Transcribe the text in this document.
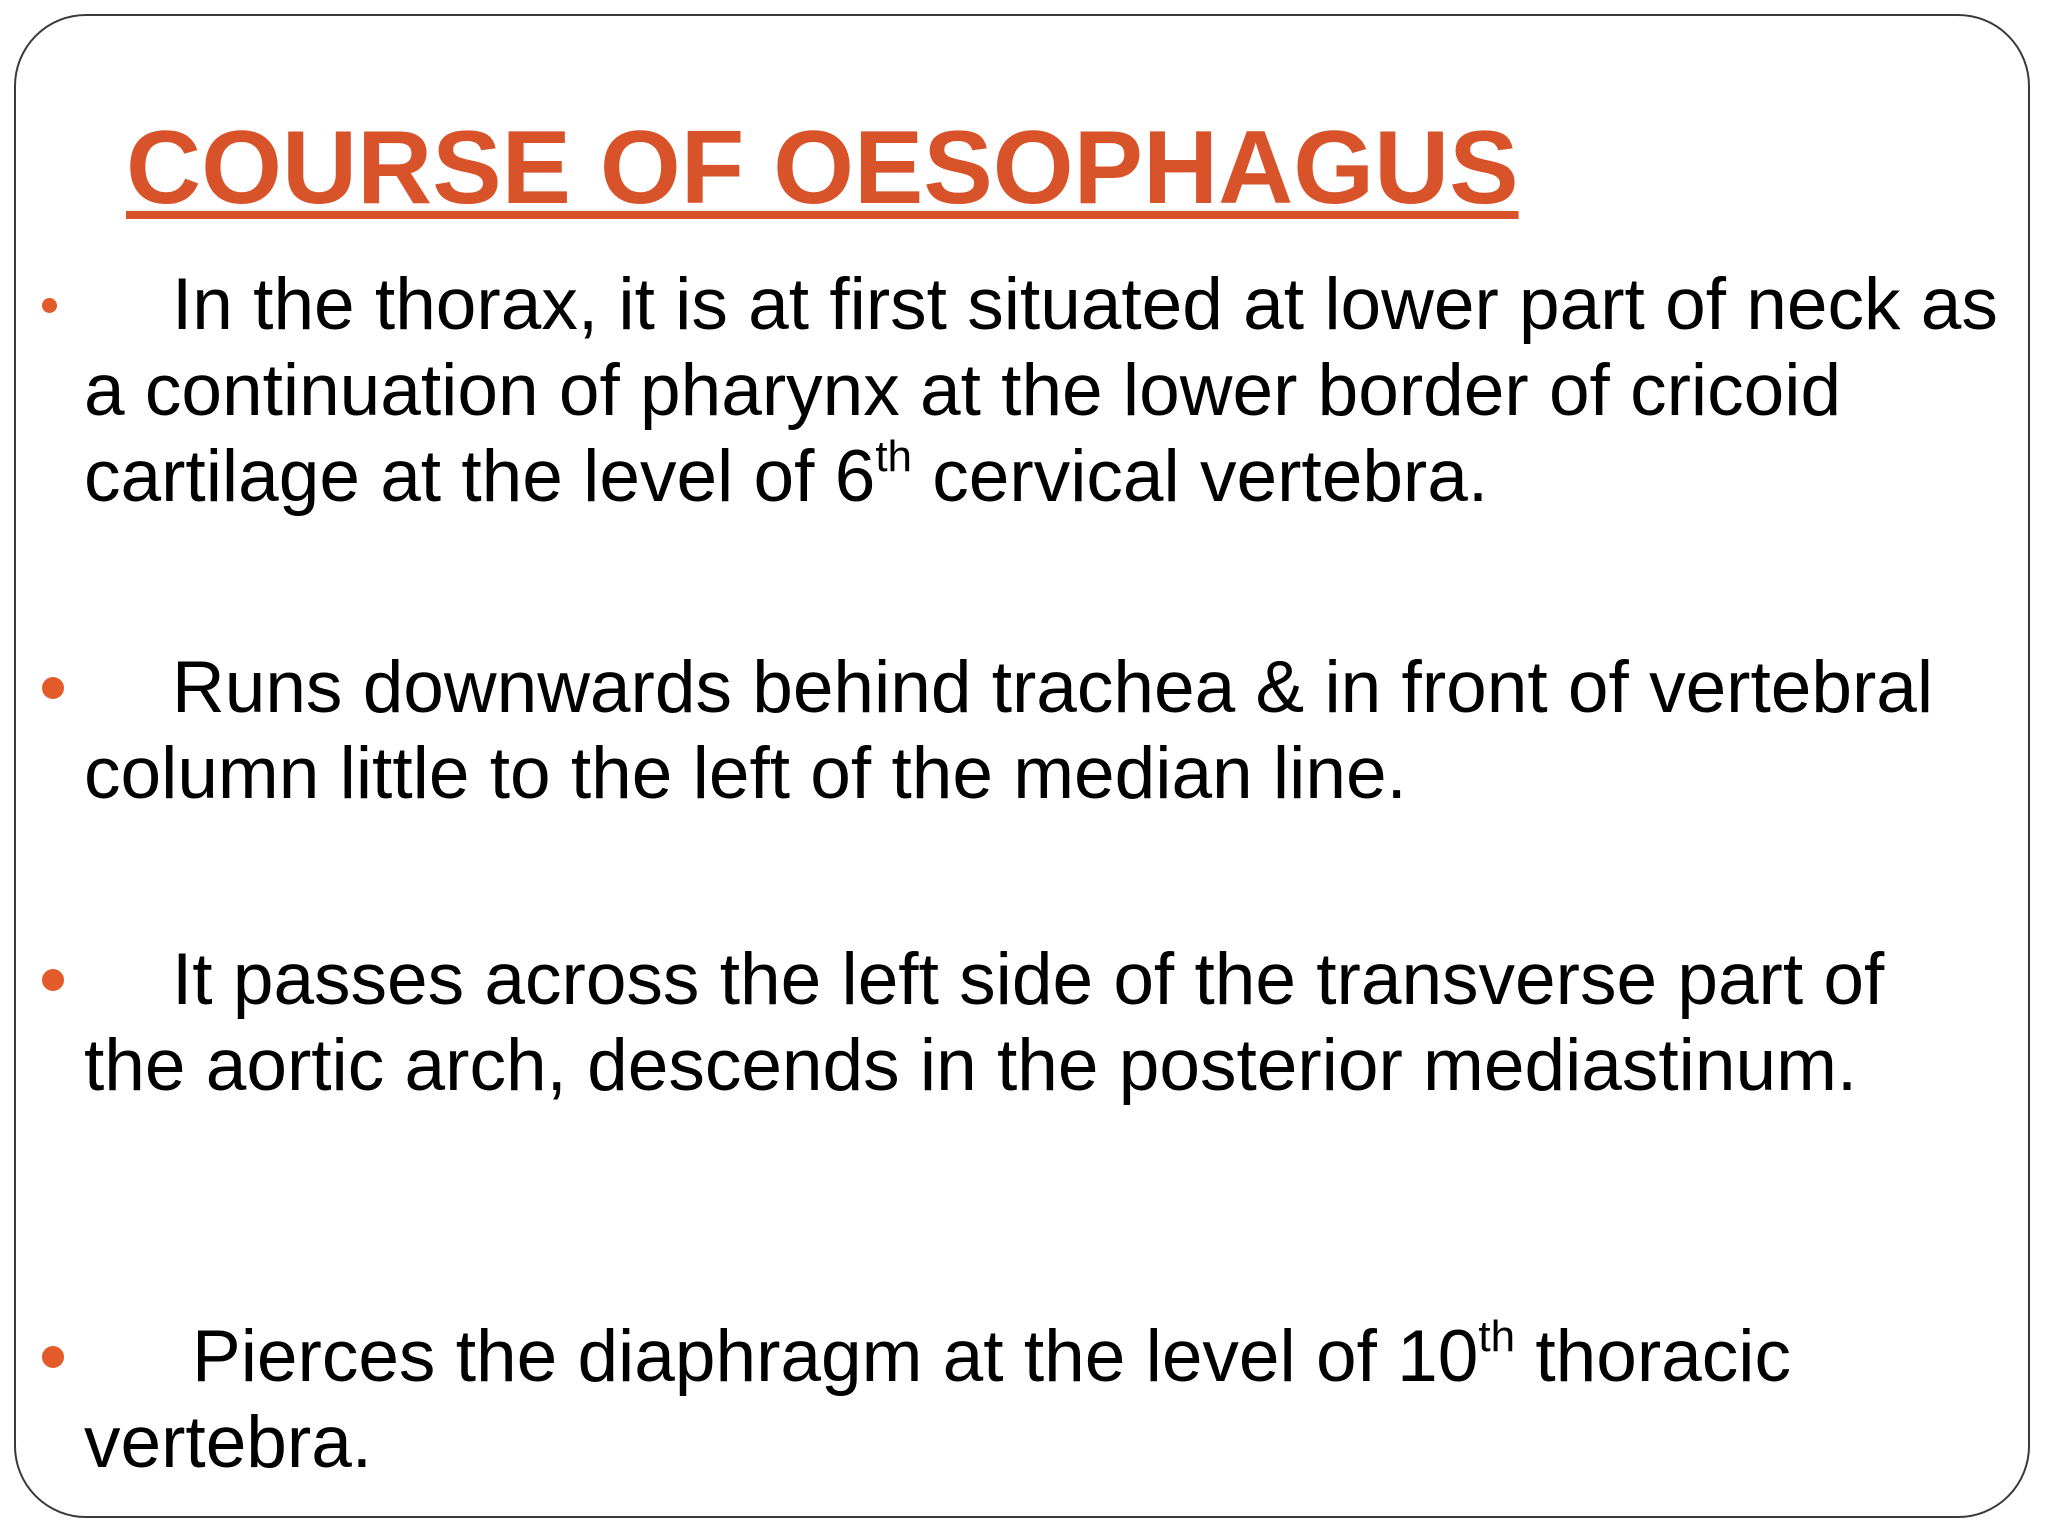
COURSE OF OESOPHAGUS

In the thorax, it is at first situated at lower part of neck as a continuation of pharynx at the lower border of cricoid cartilage at the level of 6th cervical vertebra.

Runs downwards behind trachea & in front of vertebral column little to the left of the median line.

It passes across the left side of the transverse part of the aortic arch, descends in the posterior mediastinum.

Pierces the diaphragm at the level of 10th thoracic vertebra.
